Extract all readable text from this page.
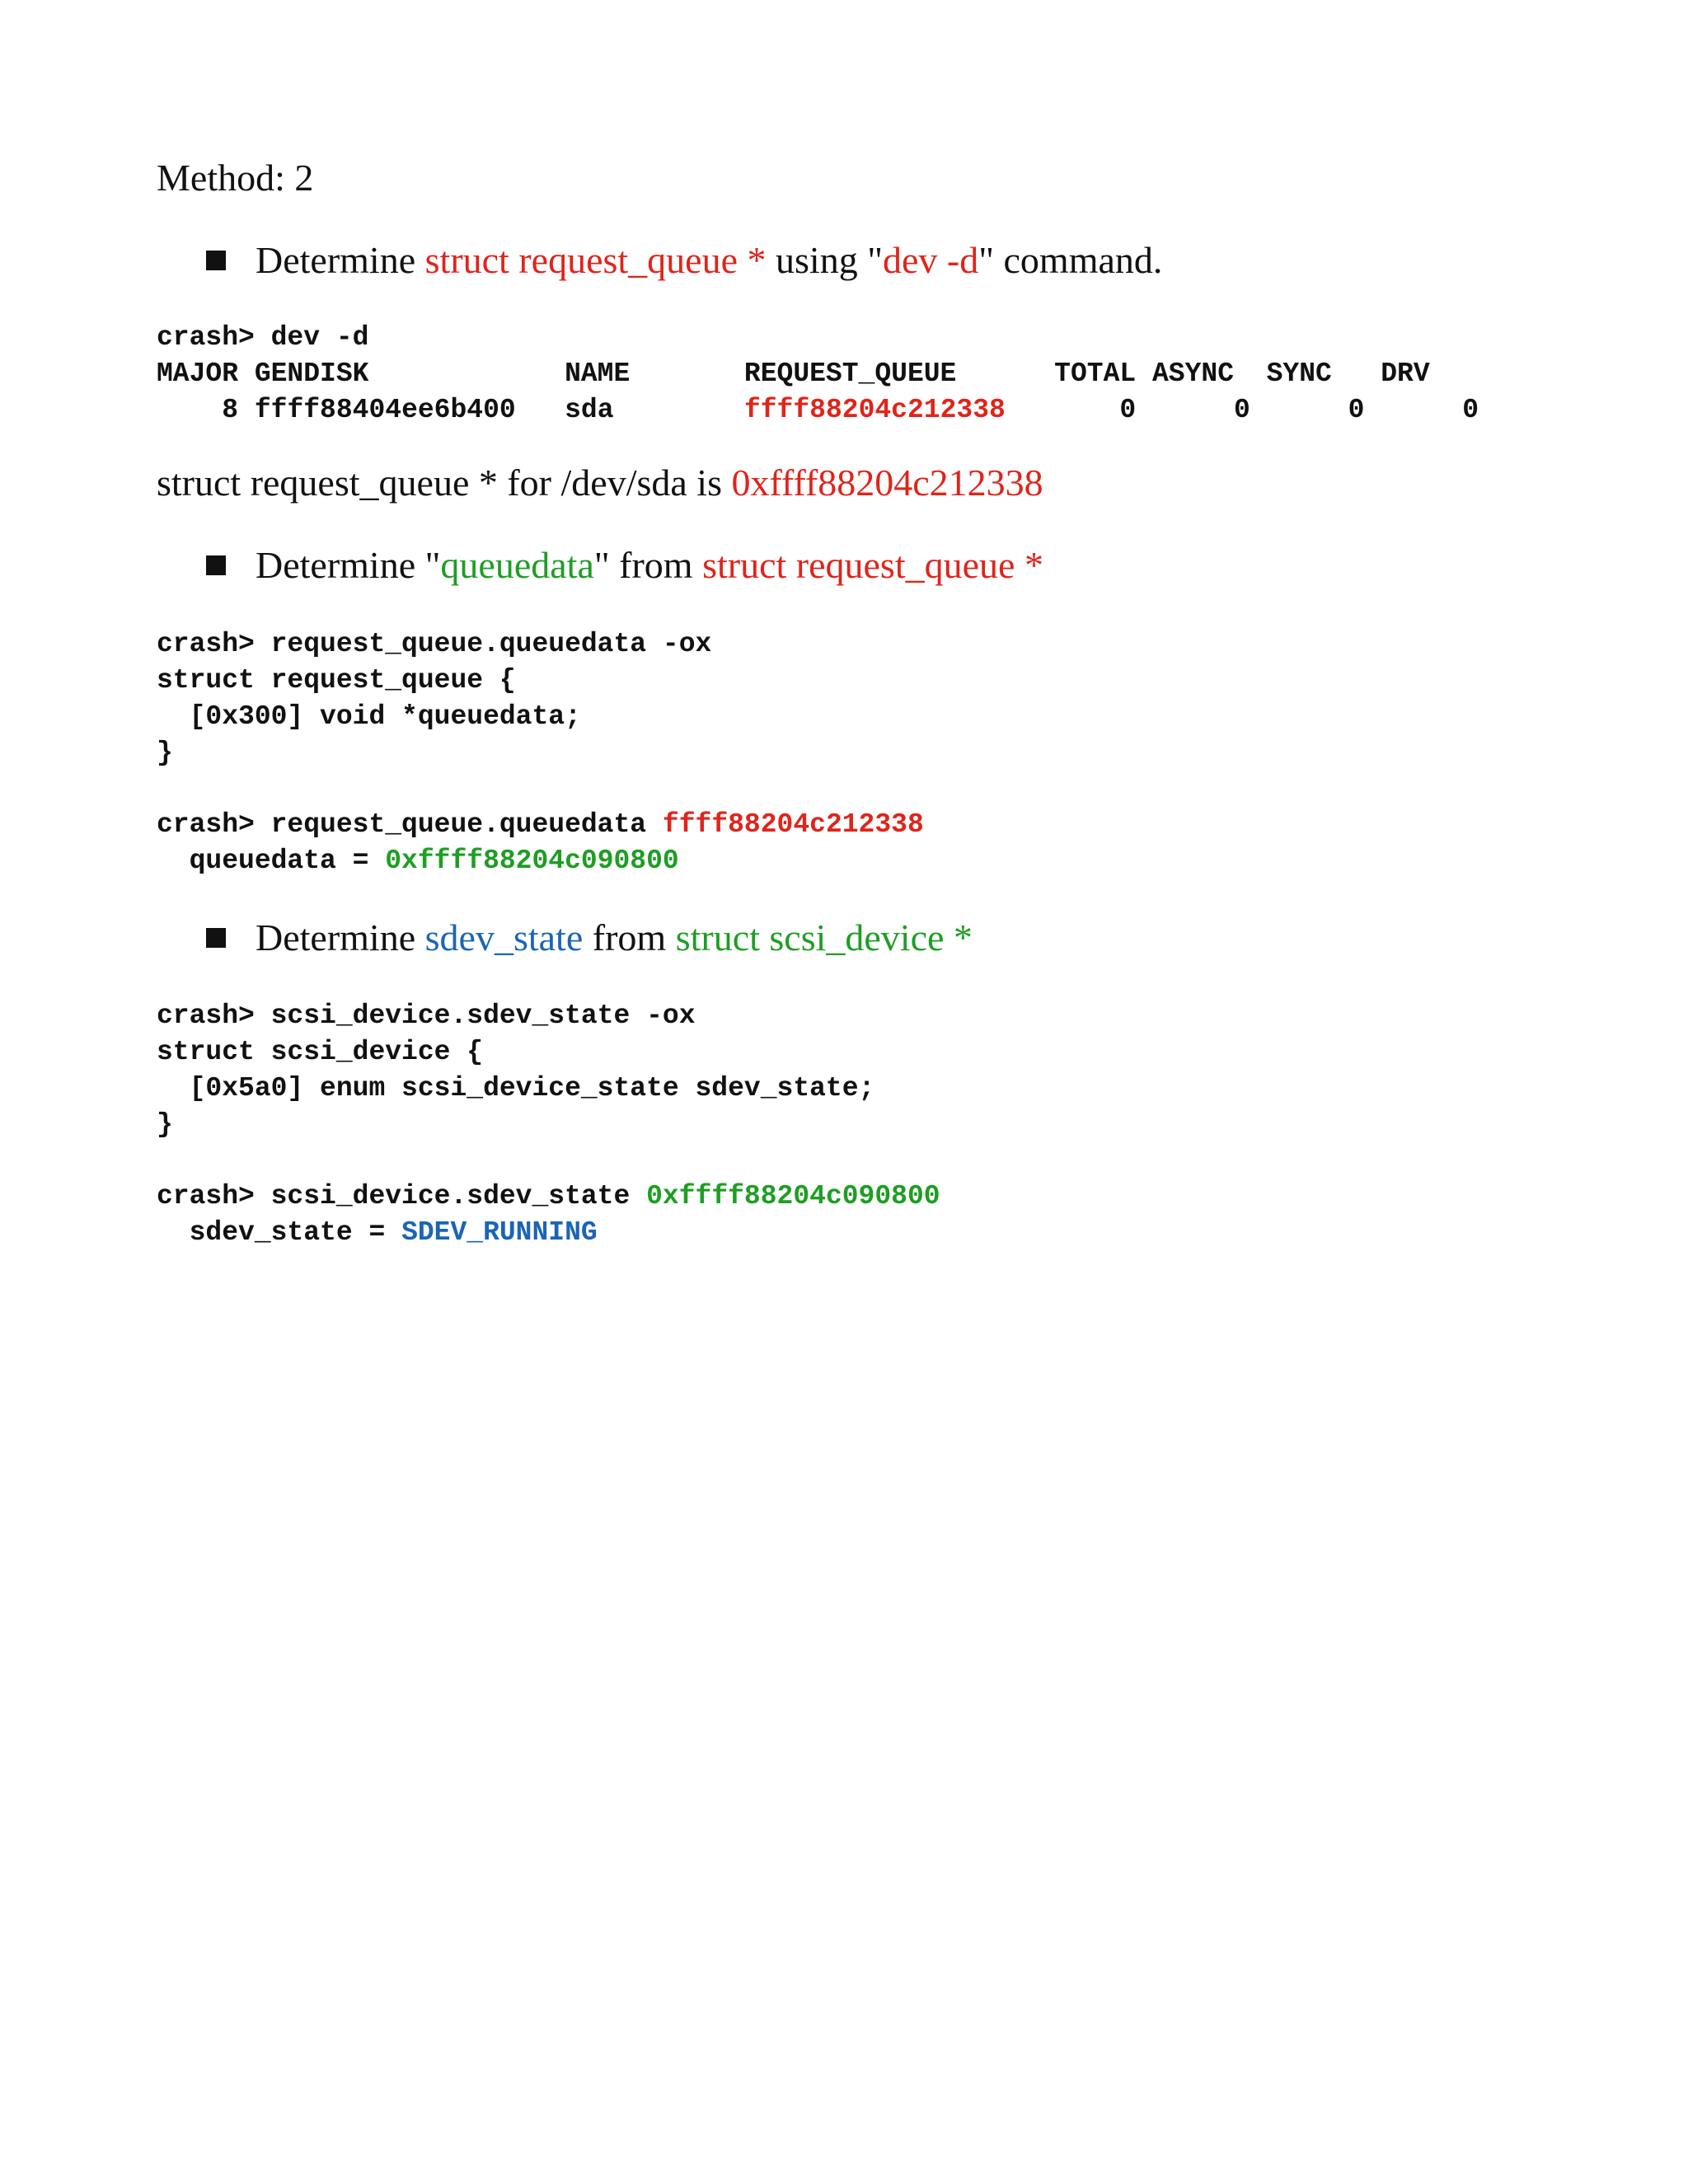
Method: 2
Determine struct request_queue * using " dev -d " command.
crash> dev -d
MAJOR GENDISK            NAME       REQUEST_QUEUE      TOTAL ASYNC  SYNC   DRV
8 ffff88404ee6b400   sda        ffff88204c212338       0      0      0      0
struct request_queue * for /dev/sda is 0xffff88204c212338
Determine " queuedata " from struct request_queue *
crash> request_queue.queuedata -ox
struct request_queue {
[0x300] void *queuedata;
}
crash> request_queue.queuedata ffff88204c212338
queuedata = 0xffff88204c090800
Determine sdev_state from struct scsi_device *
crash> scsi_device.sdev_state -ox
struct scsi_device {
[0x5a0] enum scsi_device_state sdev_state;
}
crash> scsi_device.sdev_state 0xffff88204c090800
sdev_state = SDEV_RUNNING
